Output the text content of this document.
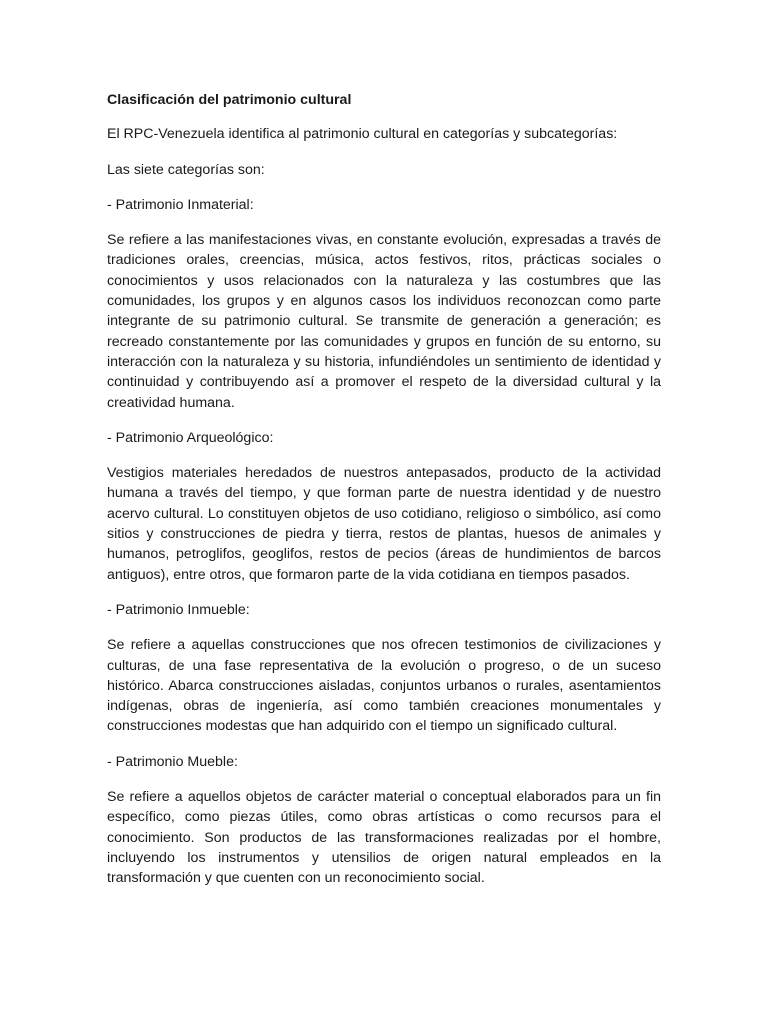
Clasificación del patrimonio cultural

El RPC-Venezuela identifica al patrimonio cultural en categorías y subcategorías:

Las siete categorías son:

- Patrimonio Inmaterial:

Se refiere a las manifestaciones vivas, en constante evolución, expresadas a través de tradiciones orales, creencias, música, actos festivos, ritos, prácticas sociales o conocimientos y usos relacionados con la naturaleza y las costumbres que las comunidades, los grupos y en algunos casos los individuos reconozcan como parte integrante de su patrimonio cultural. Se transmite de generación a generación; es recreado constantemente por las comunidades y grupos en función de su entorno, su interacción con la naturaleza y su historia, infundiéndoles un sentimiento de identidad y continuidad y contribuyendo así a promover el respeto de la diversidad cultural y la creatividad humana.

- Patrimonio Arqueológico:

Vestigios materiales heredados de nuestros antepasados, producto de la actividad humana a través del tiempo, y que forman parte de nuestra identidad y de nuestro acervo cultural. Lo constituyen objetos de uso cotidiano, religioso o simbólico, así como sitios y construcciones de piedra y tierra, restos de plantas, huesos de animales y humanos, petroglifos, geoglifos, restos de pecios (áreas de hundimientos de barcos antiguos), entre otros, que formaron parte de la vida cotidiana en tiempos pasados.

- Patrimonio Inmueble:

Se refiere a aquellas construcciones que nos ofrecen testimonios de civilizaciones y culturas, de una fase representativa de la evolución o progreso, o de un suceso histórico. Abarca construcciones aisladas, conjuntos urbanos o rurales, asentamientos indígenas, obras de ingeniería, así como también creaciones monumentales y construcciones modestas que han adquirido con el tiempo un significado cultural.

- Patrimonio Mueble:

Se refiere a aquellos objetos de carácter material o conceptual elaborados para un fin específico, como piezas útiles, como obras artísticas o como recursos para el conocimiento. Son productos de las transformaciones realizadas por el hombre, incluyendo los instrumentos y utensilios de origen natural empleados en la transformación y que cuenten con un reconocimiento social.
